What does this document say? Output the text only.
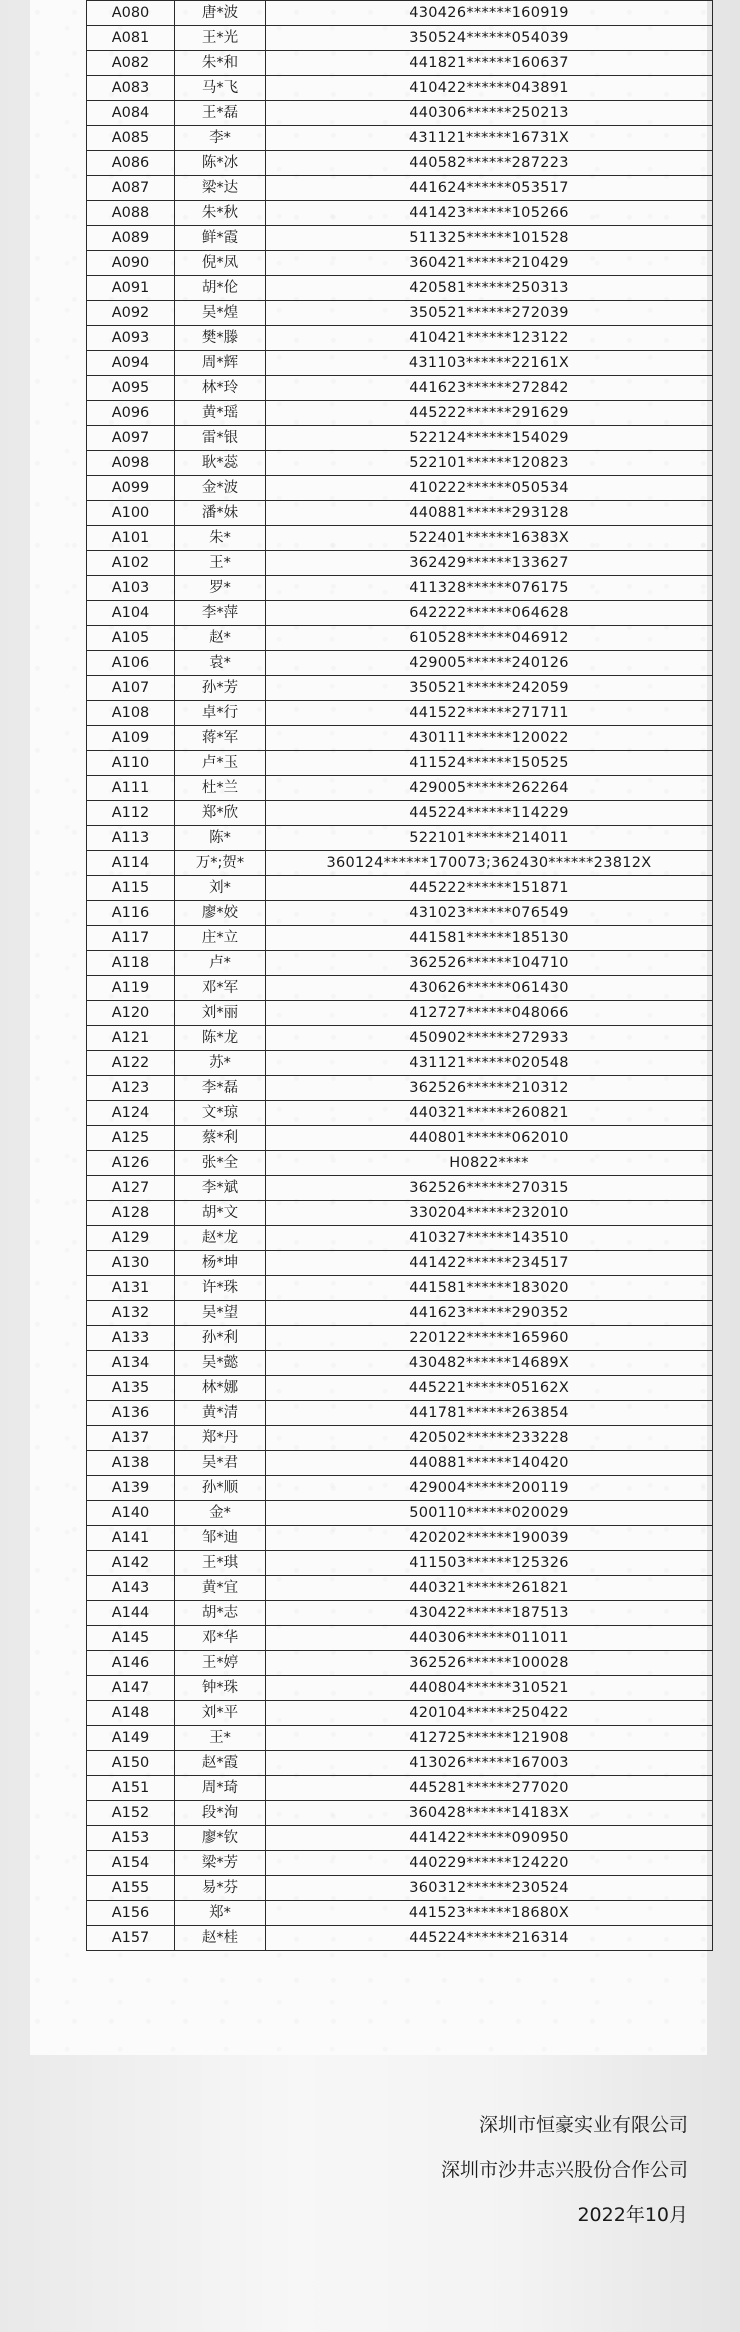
A080	唐*波	430426******160919
A081	王*光	350524******054039
A082	朱*和	441821******160637
A083	马*飞	410422******043891
A084	王*磊	440306******250213
A085	李*	431121******16731X
A086	陈*冰	440582******287223
A087	梁*达	441624******053517
A088	朱*秋	441423******105266
A089	鲜*霞	511325******101528
A090	倪*凤	360421******210429
A091	胡*伦	420581******250313
A092	吴*煌	350521******272039
A093	樊*滕	410421******123122
A094	周*辉	431103******22161X
A095	林*玲	441623******272842
A096	黄*瑶	445222******291629
A097	雷*银	522124******154029
A098	耿*蕊	522101******120823
A099	金*波	410222******050534
A100	潘*妹	440881******293128
A101	朱*	522401******16383X
A102	王*	362429******133627
A103	罗*	411328******076175
A104	李*萍	642222******064628
A105	赵*	610528******046912
A106	袁*	429005******240126
A107	孙*芳	350521******242059
A108	卓*行	441522******271711
A109	蒋*军	430111******120022
A110	卢*玉	411524******150525
A111	杜*兰	429005******262264
A112	郑*欣	445224******114229
A113	陈*	522101******214011
A114	万*;贺*	360124******170073;362430******23812X
A115	刘*	445222******151871
A116	廖*姣	431023******076549
A117	庄*立	441581******185130
A118	卢*	362526******104710
A119	邓*军	430626******061430
A120	刘*丽	412727******048066
A121	陈*龙	450902******272933
A122	苏*	431121******020548
A123	李*磊	362526******210312
A124	文*琼	440321******260821
A125	蔡*利	440801******062010
A126	张*全	H0822****
A127	李*斌	362526******270315
A128	胡*文	330204******232010
A129	赵*龙	410327******143510
A130	杨*坤	441422******234517
A131	许*珠	441581******183020
A132	吴*望	441623******290352
A133	孙*利	220122******165960
A134	吴*懿	430482******14689X
A135	林*娜	445221******05162X
A136	黄*清	441781******263854
A137	郑*丹	420502******233228
A138	吴*君	440881******140420
A139	孙*顺	429004******200119
A140	金*	500110******020029
A141	邹*迪	420202******190039
A142	王*琪	411503******125326
A143	黄*宜	440321******261821
A144	胡*志	430422******187513
A145	邓*华	440306******011011
A146	王*婷	362526******100028
A147	钟*珠	440804******310521
A148	刘*平	420104******250422
A149	王*	412725******121908
A150	赵*霞	413026******167003
A151	周*琦	445281******277020
A152	段*洵	360428******14183X
A153	廖*钦	441422******090950
A154	梁*芳	440229******124220
A155	易*芬	360312******230524
A156	郑*	441523******18680X
A157	赵*桂	445224******216314
深圳市恒豪实业有限公司
深圳市沙井志兴股份合作公司
2022年10月
